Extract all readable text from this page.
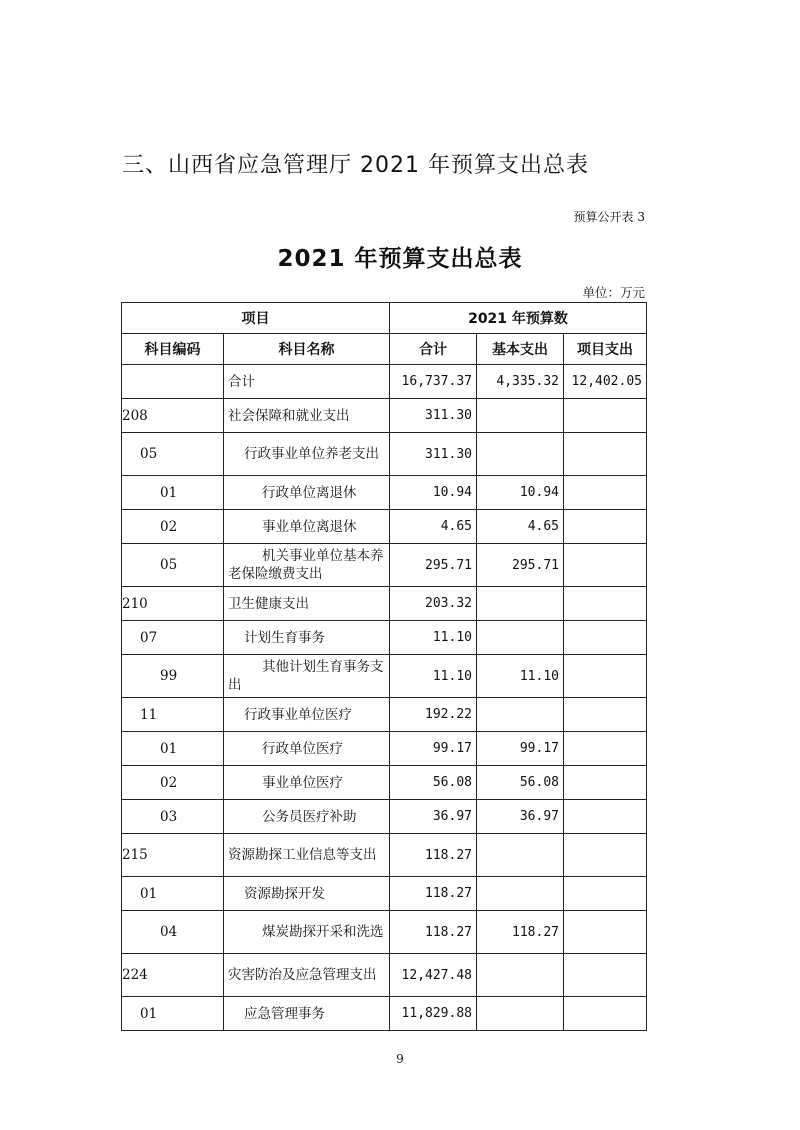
三、山西省应急管理厅 2021 年预算支出总表
预算公开表 3
2021 年预算支出总表
单位：万元
项目		2021 年预算数		
科目编码	科目名称	合计	基本支出	项目支出
	合计	16,737.37	4,335.32	12,402.05
208	社会保障和就业支出	311.30		
05	行政事业单位养老支出	311.30		
01	行政单位离退休	10.94	10.94	
02	事业单位离退休	4.65	4.65	
05	机关事业单位基本养老保险缴费支出	295.71	295.71	
210	卫生健康支出	203.32		
07	计划生育事务	11.10		
99	其他计划生育事务支出	11.10	11.10	
11	行政事业单位医疗	192.22		
01	行政单位医疗	99.17	99.17	
02	事业单位医疗	56.08	56.08	
03	公务员医疗补助	36.97	36.97	
215	资源勘探工业信息等支出	118.27		
01	资源勘探开发	118.27		
04	煤炭勘探开采和洗选	118.27	118.27	
224	灾害防治及应急管理支出	12,427.48		
01	应急管理事务	11,829.88		
9
